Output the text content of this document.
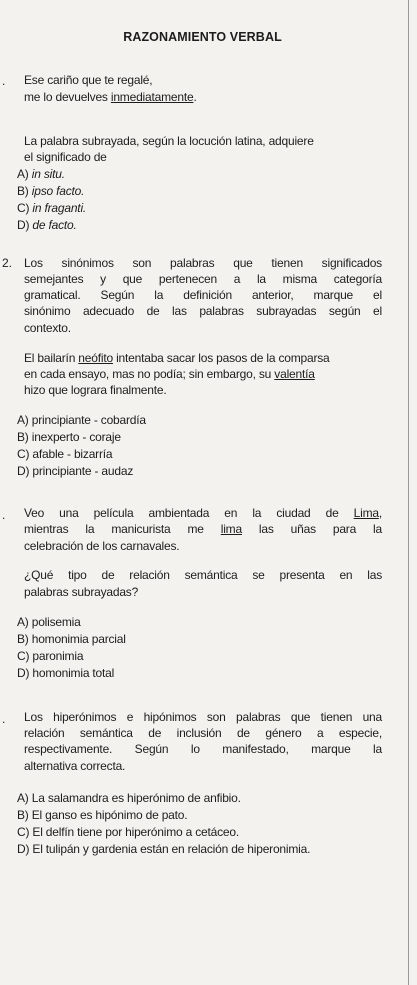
RAZONAMIENTO VERBAL
. Ese cariño que te regalé,
me lo devuelves inmediatamente.
La palabra subrayada, según la locución latina, adquiere
el significado de
A) in situ.
B) ipso facto.
C) in fraganti.
D) de facto.
2. Los sinónimos son palabras que tienen significados
semejantes y que pertenecen a la misma categoría
gramatical. Según la definición anterior, marque el
sinónimo adecuado de las palabras subrayadas según el
contexto.
El bailarín neófito intentaba sacar los pasos de la comparsa
en cada ensayo, mas no podía; sin embargo, su valentía
hizo que lograra finalmente.
A) principiante - cobardía
B) inexperto - coraje
C) afable - bizarría
D) principiante - audaz
. Veo una película ambientada en la ciudad de Lima,
mientras la manicurista me lima las uñas para la
celebración de los carnavales.
¿Qué tipo de relación semántica se presenta en las
palabras subrayadas?
A) polisemia
B) homonimia parcial
C) paronimia
D) homonimia total
. Los hiperónimos e hipónimos son palabras que tienen una
relación semántica de inclusión de género a especie,
respectivamente. Según lo manifestado, marque la
alternativa correcta.
A) La salamandra es hiperónimo de anfibio.
B) El ganso es hipónimo de pato.
C) El delfín tiene por hiperónimo a cetáceo.
D) El tulipán y gardenia están en relación de hiperonimia.
